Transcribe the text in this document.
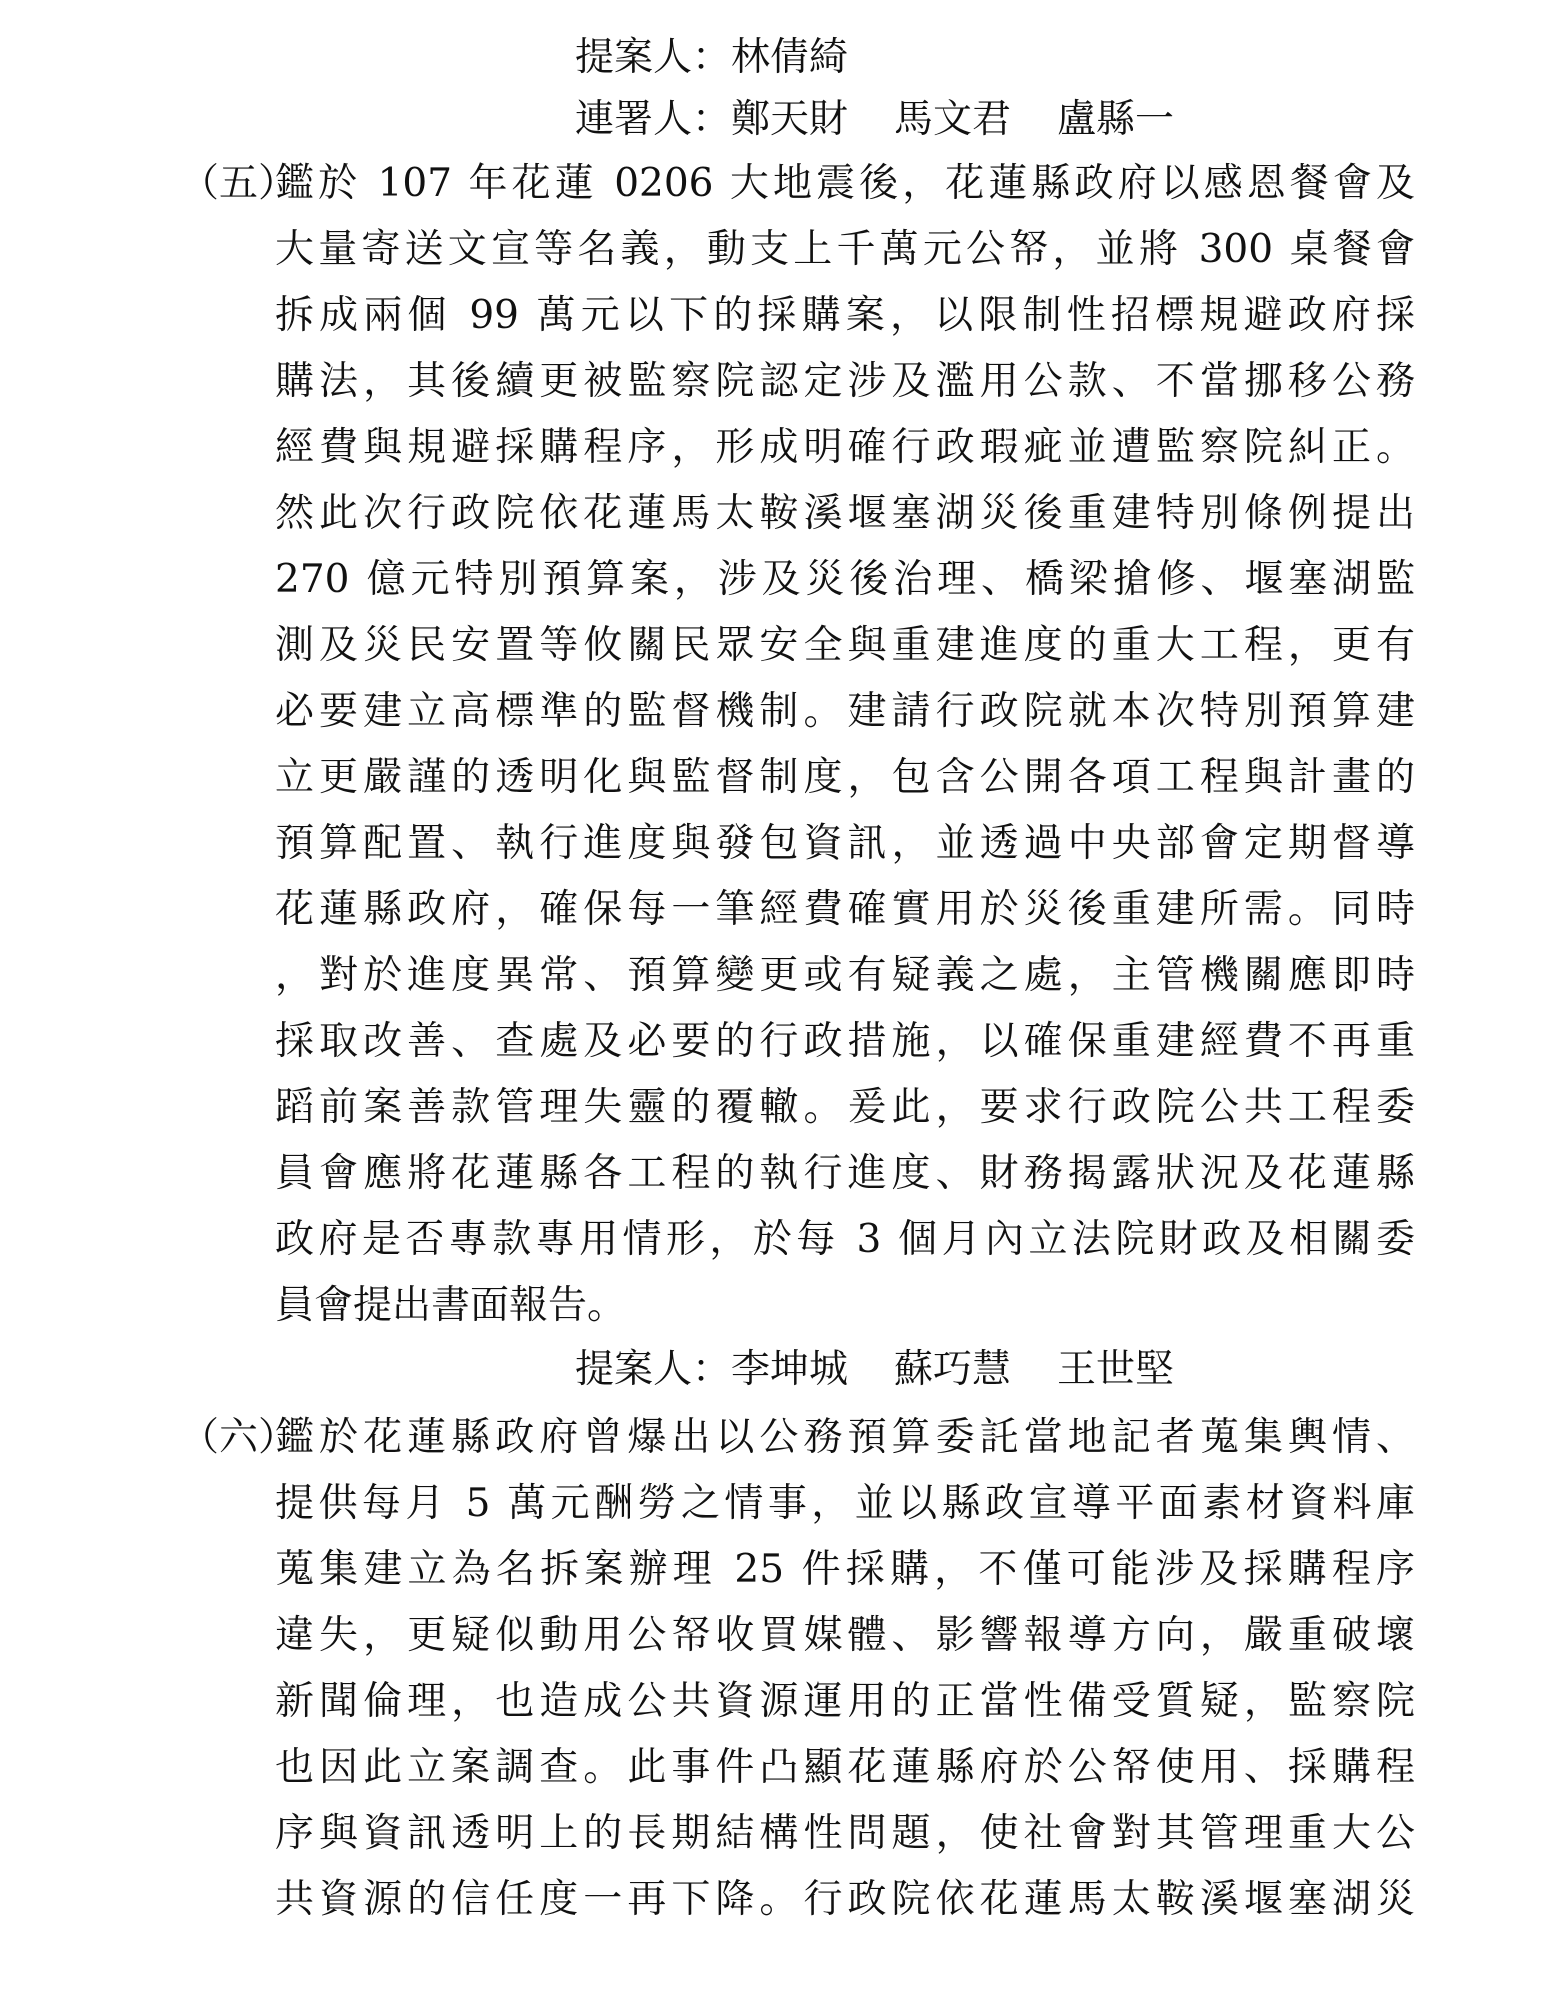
提案人：林倩綺
連署人：鄭天財 馬文君 盧縣一
（五）
鑑於 107 年花蓮 0206 大地震後，花蓮縣政府以感恩餐會及
大量寄送文宣等名義，動支上千萬元公帑，並將 300 桌餐會
拆成兩個 99 萬元以下的採購案，以限制性招標規避政府採
購法，其後續更被監察院認定涉及濫用公款、不當挪移公務
經費與規避採購程序，形成明確行政瑕疵並遭監察院糾正。
然此次行政院依花蓮馬太鞍溪堰塞湖災後重建特別條例提出
270 億元特別預算案，涉及災後治理、橋梁搶修、堰塞湖監
測及災民安置等攸關民眾安全與重建進度的重大工程，更有
必要建立高標準的監督機制。建請行政院就本次特別預算建
立更嚴謹的透明化與監督制度，包含公開各項工程與計畫的
預算配置、執行進度與發包資訊，並透過中央部會定期督導
花蓮縣政府，確保每一筆經費確實用於災後重建所需。同時
，對於進度異常、預算變更或有疑義之處，主管機關應即時
採取改善、查處及必要的行政措施，以確保重建經費不再重
蹈前案善款管理失靈的覆轍。爰此，要求行政院公共工程委
員會應將花蓮縣各工程的執行進度、財務揭露狀況及花蓮縣
政府是否專款專用情形，於每 3 個月內立法院財政及相關委
員會提出書面報告。
提案人：李坤城 蘇巧慧 王世堅
（六）
鑑於花蓮縣政府曾爆出以公務預算委託當地記者蒐集輿情、
提供每月 5 萬元酬勞之情事，並以縣政宣導平面素材資料庫
蒐集建立為名拆案辦理 25 件採購，不僅可能涉及採購程序
違失，更疑似動用公帑收買媒體、影響報導方向，嚴重破壞
新聞倫理，也造成公共資源運用的正當性備受質疑，監察院
也因此立案調查。此事件凸顯花蓮縣府於公帑使用、採購程
序與資訊透明上的長期結構性問題，使社會對其管理重大公
共資源的信任度一再下降。行政院依花蓮馬太鞍溪堰塞湖災
